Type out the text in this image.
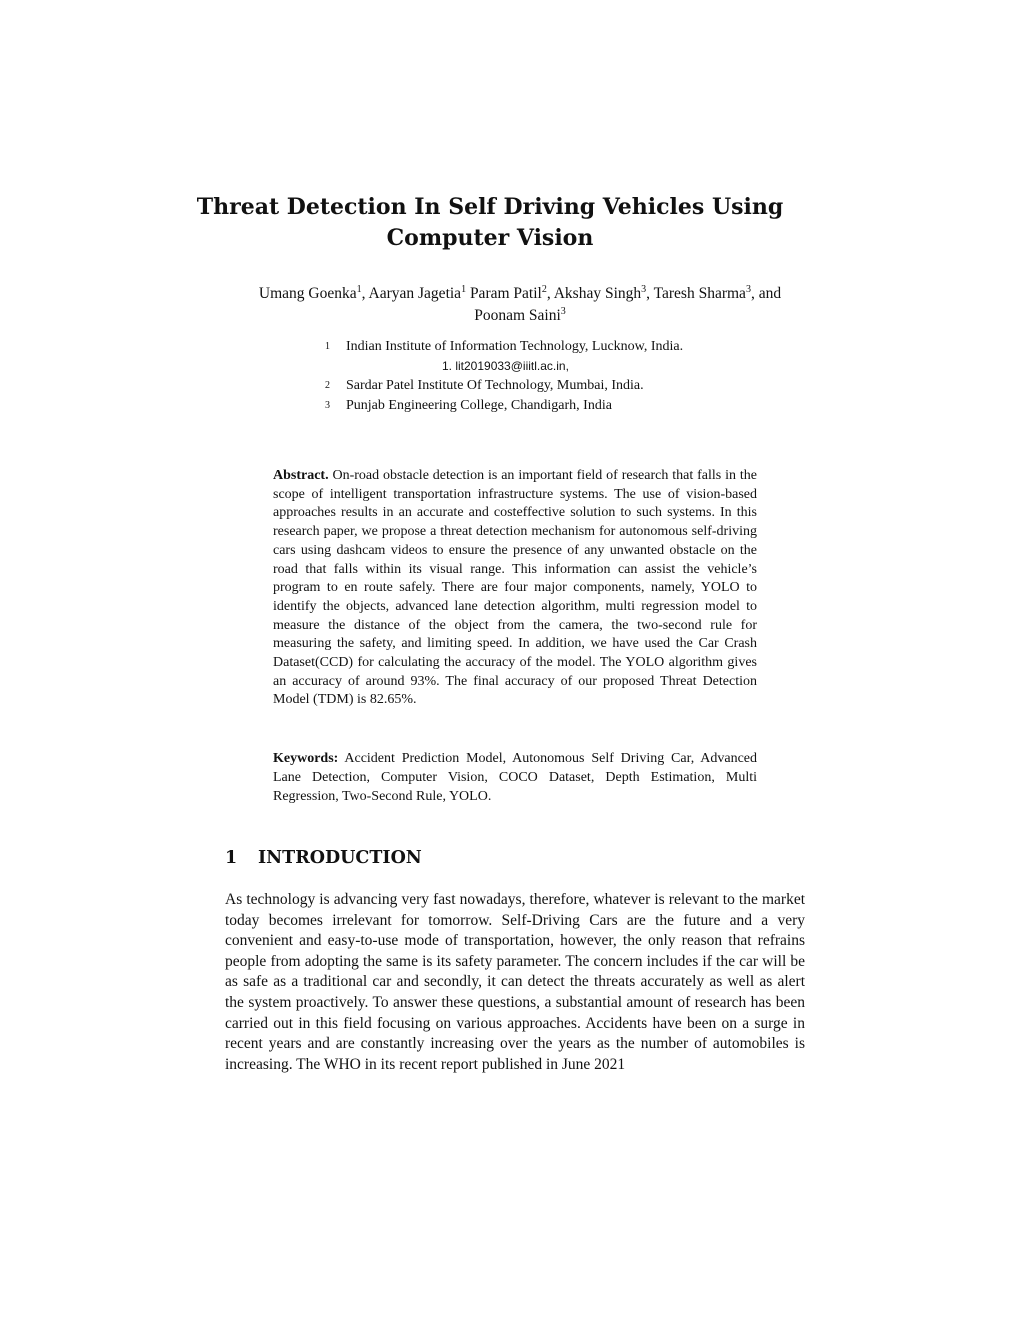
Threat Detection In Self Driving Vehicles Using
Computer Vision
Umang Goenka$^1$, Aaryan Jagetia$^1$ Param Patil$^2$, Akshay Singh$^3$, Taresh Sharma$^3$, and
Poonam Saini$^3$
1 Indian Institute of Information Technology, Lucknow, India.
1. lit2019033@iiitl.ac.in,
2 Sardar Patel Institute Of Technology, Mumbai, India.
3 Punjab Engineering College, Chandigarh, India
Abstract. On-road obstacle detection is an important field of research that falls in the scope of intelligent transportation infrastructure systems. The use of vision-based approaches results in an accurate and costeffective solution to such systems. In this research paper, we propose a threat detection mechanism for autonomous self-driving cars using dashcam videos to ensure the presence of any unwanted obstacle on the road that falls within its visual range. This information can assist the vehicle’s program to en route safely. There are four major components, namely, YOLO to identify the objects, advanced lane detection algorithm, multi regression model to measure the distance of the object from the camera, the two-second rule for measuring the safety, and limiting speed. In addition, we have used the Car Crash Dataset(CCD) for calculating the accuracy of the model. The YOLO algorithm gives an accuracy of around 93%. The final accuracy of our proposed Threat Detection Model (TDM) is 82.65%.
Keywords: Accident Prediction Model, Autonomous Self Driving Car, Advanced Lane Detection, Computer Vision, COCO Dataset, Depth Estimation, Multi Regression, Two-Second Rule, YOLO.
1 INTRODUCTION
As technology is advancing very fast nowadays, therefore, whatever is relevant to the market today becomes irrelevant for tomorrow. Self-Driving Cars are the future and a very convenient and easy-to-use mode of transportation, however, the only reason that refrains people from adopting the same is its safety parameter. The concern includes if the car will be as safe as a traditional car and secondly, it can detect the threats accurately as well as alert the system proactively. To answer these questions, a substantial amount of research has been carried out in this field focusing on various approaches. Accidents have been on a surge in recent years and are constantly increasing over the years as the number of automobiles is increasing. The WHO in its recent report published in June 2021
